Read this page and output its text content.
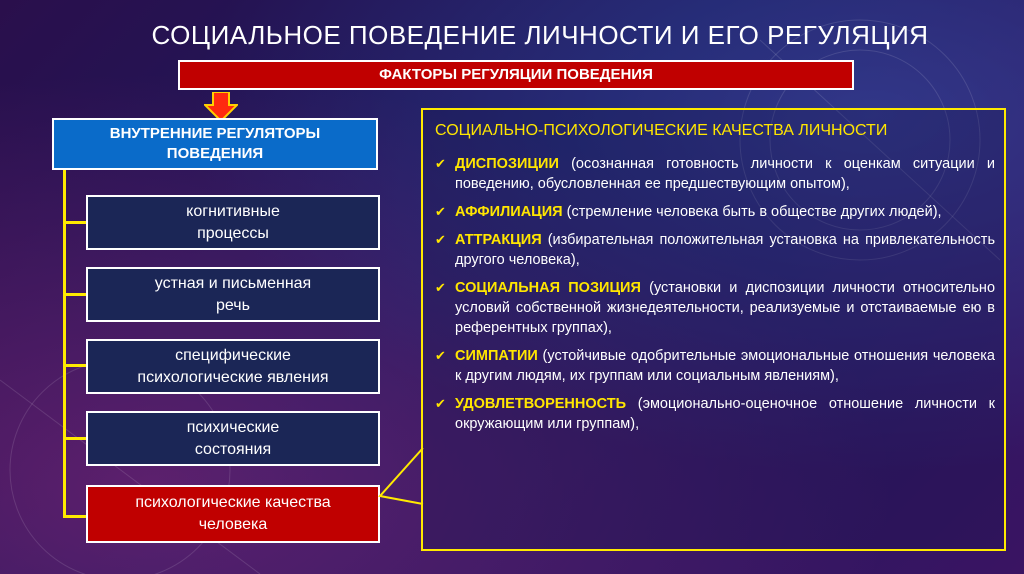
СОЦИАЛЬНОЕ ПОВЕДЕНИЕ ЛИЧНОСТИ И ЕГО РЕГУЛЯЦИЯ
ФАКТОРЫ РЕГУЛЯЦИИ ПОВЕДЕНИЯ
ВНУТРЕННИЕ РЕГУЛЯТОРЫ
ПОВЕДЕНИЯ
когнитивные
процессы
устная и письменная
речь
специфические
психологические явления
психические
состояния
психологические качества
человека
СОЦИАЛЬНО-ПСИХОЛОГИЧЕСКИЕ КАЧЕСТВА ЛИЧНОСТИ
✔ ДИСПОЗИЦИИ (осознанная готовность личности к оценкам ситуации и поведению, обусловленная ее предшествующим опытом),
✔ АФФИЛИАЦИЯ (стремление человека быть в обществе других людей),
✔ АТТРАКЦИЯ (избирательная положительная установка на привлекательность другого человека),
✔ СОЦИАЛЬНАЯ ПОЗИЦИЯ (установки и диспозиции личности относительно условий собственной жизнедеятельности, реализуемые и отстаиваемые ею в референтных группах),
✔ СИМПАТИИ (устойчивые одобрительные эмоциональные отношения человека к другим людям, их группам или социальным явлениям),
✔ УДОВЛЕТВОРЕННОСТЬ (эмоционально-оценочное отношение личности к окружающим или группам),
